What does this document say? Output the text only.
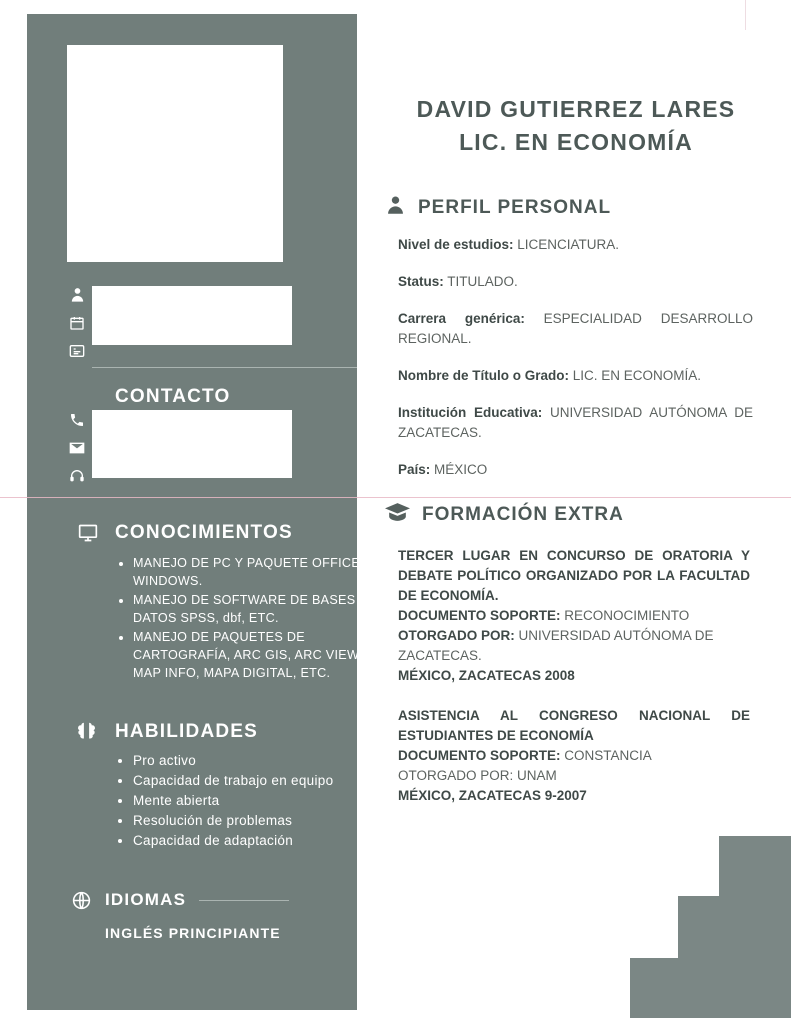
CONTACTO
CONOCIMIENTOS
• MANEJO DE PC Y PAQUETE OFFICE, WINDOWS.
• MANEJO DE SOFTWARE DE BASES DE DATOS SPSS, dbf, ETC.
• MANEJO DE PAQUETES DE CARTOGRAFÍA, ARC GIS, ARC VIEW, MAP INFO, MAPA DIGITAL, ETC.
HABILIDADES
• Pro activo
• Capacidad de trabajo en equipo
• Mente abierta
• Resolución de problemas
• Capacidad de adaptación
IDIOMAS
INGLÉS PRINCIPIANTE
DAVID GUTIERREZ LARES
LIC. EN ECONOMÍA
PERFIL PERSONAL
Nivel de estudios: LICENCIATURA.
Status: TITULADO.
Carrera genérica: ESPECIALIDAD DESARROLLO REGIONAL.
Nombre de Título o Grado: LIC. EN ECONOMÍA.
Institución Educativa: UNIVERSIDAD AUTÓNOMA DE ZACATECAS.
País: MÉXICO
FORMACIÓN EXTRA

TERCER LUGAR EN CONCURSO DE ORATORIA Y DEBATE POLÍTICO ORGANIZADO POR LA FACULTAD DE ECONOMÍA.

DOCUMENTO SOPORTE: RECONOCIMIENTO

OTORGADO POR: UNIVERSIDAD AUTÓNOMA DE ZACATECAS.

MÉXICO, ZACATECAS 2008

ASISTENCIA AL CONGRESO NACIONAL DE ESTUDIANTES DE ECONOMÍA

DOCUMENTO SOPORTE: CONSTANCIA

OTORGADO POR: UNAM

MÉXICO, ZACATECAS 9-2007
